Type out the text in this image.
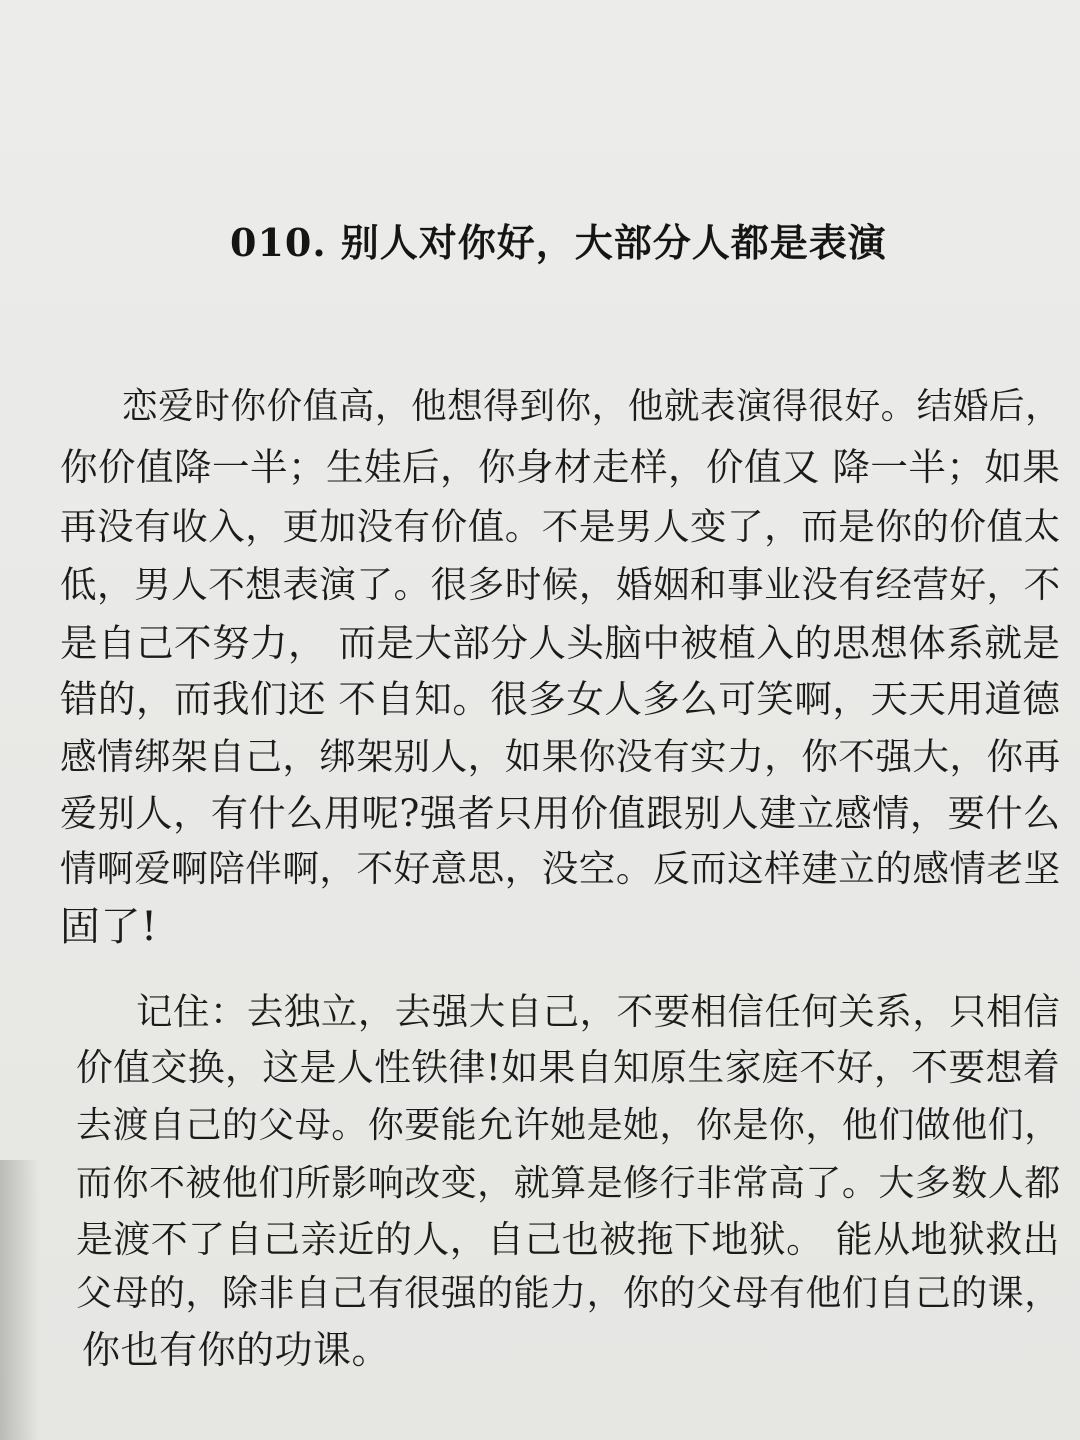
010. 别人对你好，大部分人都是表演
恋爱时你价值高，他想得到你，他就表演得很好。结婚后，
你价值降一半；生娃后，你身材走样，价值又 降一半；如果
再没有收入，更加没有价值。不是男人变了，而是你的价值太
低，男人不想表演了。很多时候，婚姻和事业没有经营好，不
是自己不努力， 而是大部分人头脑中被植入的思想体系就是
错的，而我们还 不自知。很多女人多么可笑啊，天天用道德
感情绑架自己，绑架别人，如果你没有实力，你不强大，你再
爱别人，有什么用呢?强者只用价值跟别人建立感情，要什么
情啊爱啊陪伴啊，不好意思，没空。反而这样建立的感情老坚
固了!
记住：去独立，去强大自己，不要相信任何关系，只相信
价值交换，这是人性铁律!如果自知原生家庭不好，不要想着
去渡自己的父母。你要能允许她是她，你是你，他们做他们，
而你不被他们所影响改变，就算是修行非常高了。大多数人都
是渡不了自己亲近的人，自己也被拖下地狱。 能从地狱救出
父母的，除非自己有很强的能力，你的父母有他们自己的课，
你也有你的功课。
